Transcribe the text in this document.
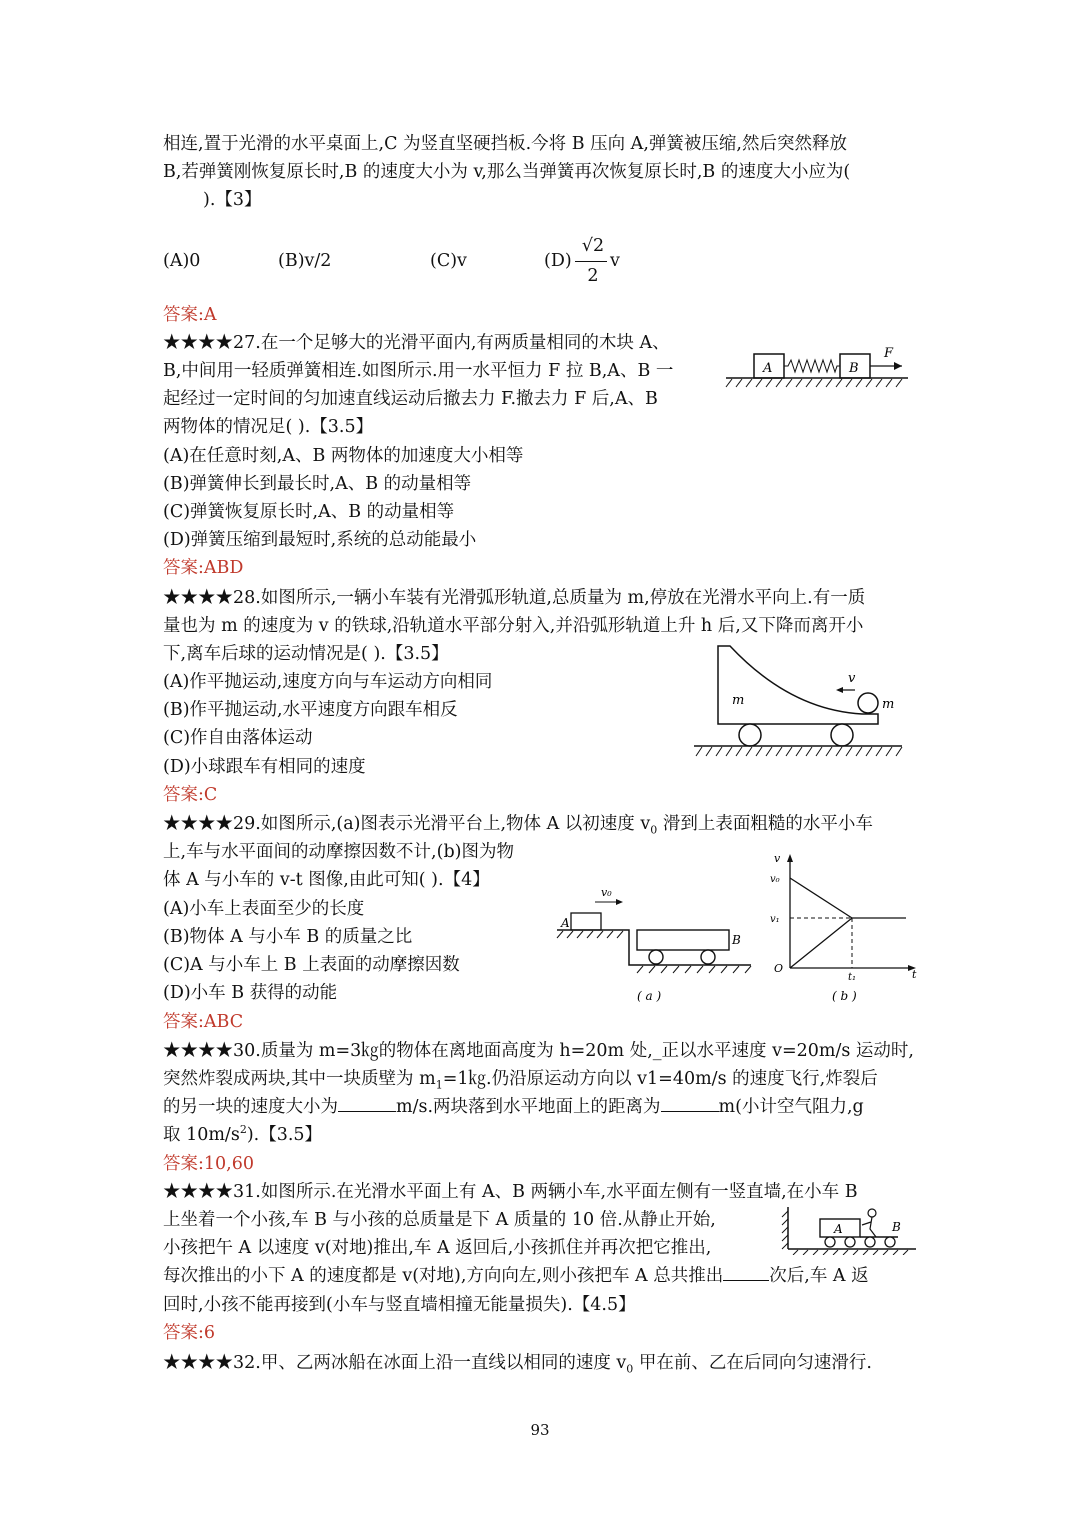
相连,置于光滑的水平桌面上,C 为竖直坚硬挡板.今将 B 压向 A,弹簧被压缩,然后突然释放
B,若弹簧刚恢复原长时,B 的速度大小为 v,那么当弹簧再次恢复原长时,B 的速度大小应为(
).【3】
(A)0	(B)v/2	(C)v	(D)
√2
2
v
答案:A
★★★★27.在一个足够大的光滑平面内,有两质量相同的木块 A、
B,中间用一轻质弹簧相连.如图所示.用一水平恒力 F 拉 B,A、B 一
起经过一定时间的匀加速直线运动后撤去力 F.撤去力 F 后,A、B
两物体的情况足( ).【3.5】
(A)在任意时刻,A、B 两物体的加速度大小相等
(B)弹簧伸长到最长时,A、B 的动量相等
(C)弹簧恢复原长时,A、B 的动量相等
(D)弹簧压缩到最短时,系统的总动能最小
答案:ABD
A	B
F
★★★★28.如图所示,一辆小车装有光滑弧形轨道,总质量为 m,停放在光滑水平向上.有一质
量也为 m 的速度为 v 的铁球,沿轨道水平部分射入,并沿弧形轨道上升 h 后,又下降而离开小
下,离车后球的运动情况是( ).【3.5】
(A)作平抛运动,速度方向与车运动方向相同
(B)作平抛运动,水平速度方向跟车相反
(C)作自由落体运动
(D)小球跟车有相同的速度
答案:C
v
m	m
★★★★29.如图所示,(a)图表示光滑平台上,物体 A 以初速度 $v_0$ 滑到上表面粗糙的水平小车
上,车与水平面间的动摩擦因数不计,(b)图为物
体 A 与小车的 v-t 图像,由此可知( ).【4】
(A)小车上表面至少的长度
(B)物体 A 与小车 B 的质量之比
(C)A 与小车上 B 上表面的动摩擦因数
(D)小车 B 获得的动能
答案:ABC
A
v₀
B
( a )
v
t
v₀
v₁
O
t₁
( b )
★★★★30.质量为 m=3㎏的物体在离地面高度为 h=20m 处,_正以水平速度 v=20m/s 运动时,
突然炸裂成两块,其中一块质壁为 $m_1=1㎏$.仍沿原运动方向以 v1=40m/s 的速度飞行,炸裂后
的另一块的速度大小为	m/s.两块落到水平地面上的距离为	m(小计空气阻力,g
取 $10m/s^2$).【3.5】
答案:10,60
★★★★31.如图所示.在光滑水平面上有 A、B 两辆小车,水平面左侧有一竖直墙,在小车 B
上坐着一个小孩,车 B 与小孩的总质量是下 A 质量的 10 倍.从静止开始,
小孩把午 A 以速度 v(对地)推出,车 A 返回后,小孩抓住并再次把它推出,
每次推出的小下 A 的速度都是 v(对地),方向向左,则小孩把车 A 总共推出	次后,车 A 返
回时,小孩不能再接到(小车与竖直墙相撞无能量损失).【4.5】
答案:6
A	B
★★★★32.甲、乙两冰船在冰面上沿一直线以相同的速度 $v_0$ 甲在前、乙在后同向匀速滑行.
93
